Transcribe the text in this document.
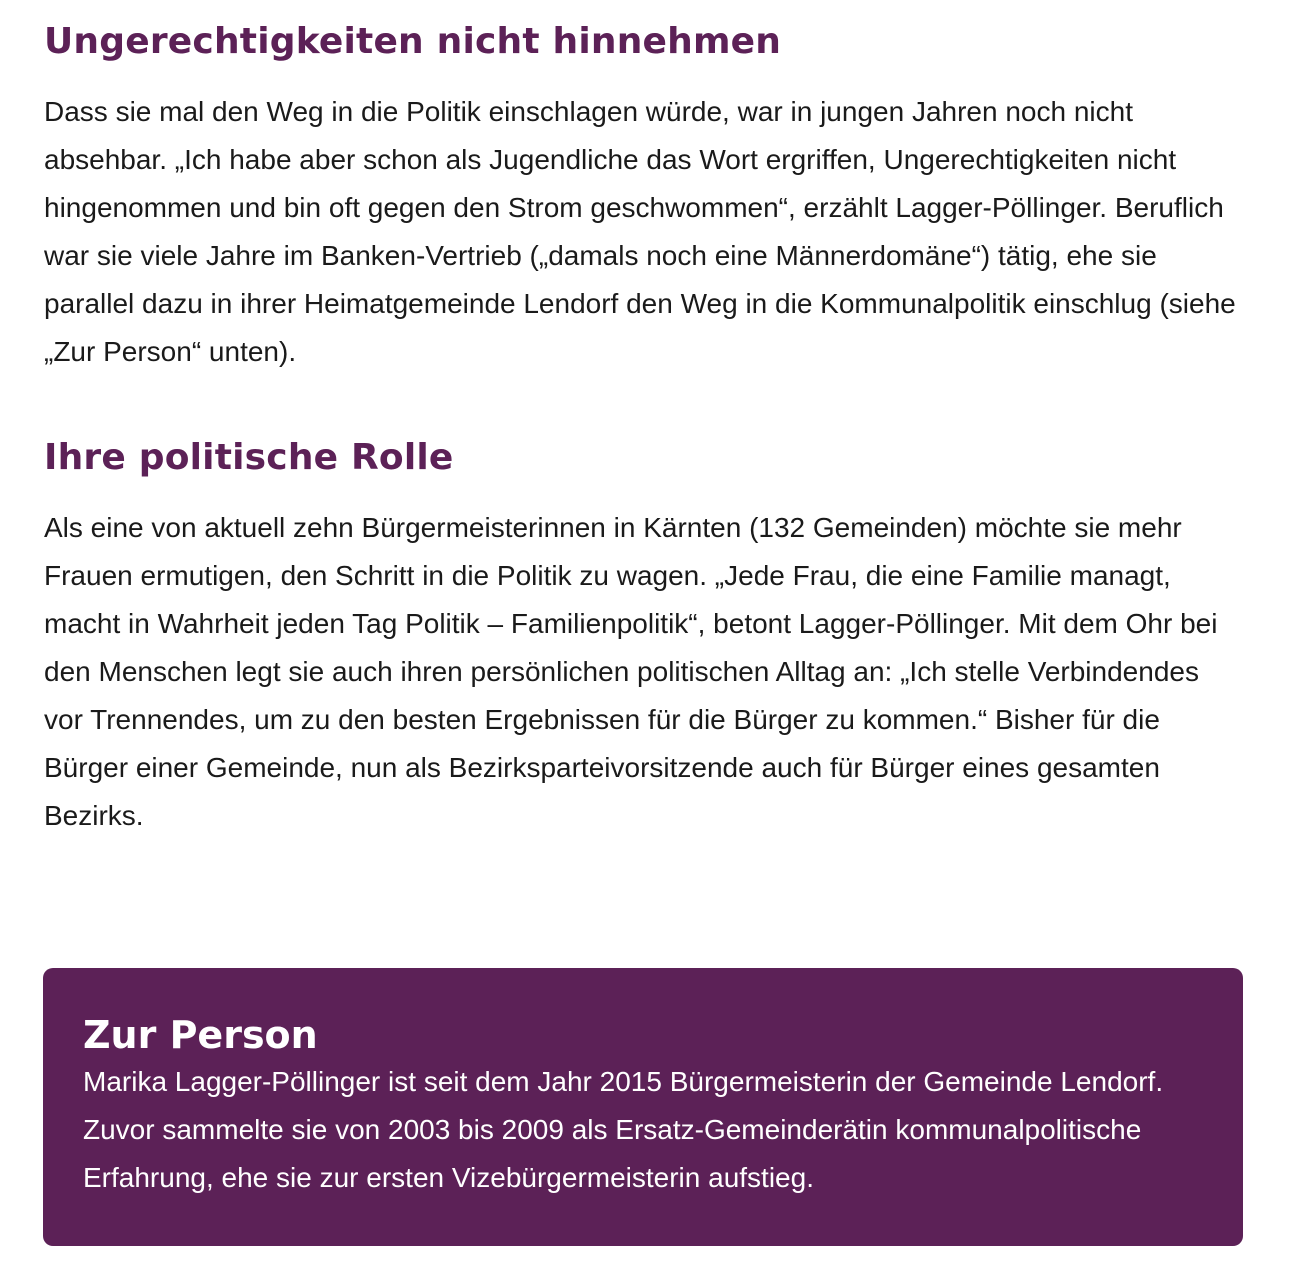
Ungerechtigkeiten nicht hinnehmen

Dass sie mal den Weg in die Politik einschlagen würde, war in jungen Jahren noch nicht absehbar. „Ich habe aber schon als Jugendliche das Wort ergriffen, Ungerechtigkeiten nicht hingenommen und bin oft gegen den Strom geschwommen“, erzählt Lagger-Pöllinger. Beruflich war sie viele Jahre im Banken-Vertrieb („damals noch eine Männerdomäne“) tätig, ehe sie parallel dazu in ihrer Heimatgemeinde Lendorf den Weg in die Kommunalpolitik einschlug (siehe „Zur Person“ unten).

Ihre politische Rolle

Als eine von aktuell zehn Bürgermeisterinnen in Kärnten (132 Gemeinden) möchte sie mehr Frauen ermutigen, den Schritt in die Politik zu wagen. „Jede Frau, die eine Familie managt, macht in Wahrheit jeden Tag Politik – Familienpolitik“, betont Lagger-Pöllinger. Mit dem Ohr bei den Menschen legt sie auch ihren persönlichen politischen Alltag an: „Ich stelle Verbindendes vor Trennendes, um zu den besten Ergebnissen für die Bürger zu kommen.“ Bisher für die Bürger einer Gemeinde, nun als Bezirksparteivorsitzende auch für Bürger eines gesamten Bezirks.

Zur Person

Marika Lagger-Pöllinger ist seit dem Jahr 2015 Bürgermeisterin der Gemeinde Lendorf. Zuvor sammelte sie von 2003 bis 2009 als Ersatz-Gemeinderätin kommunalpolitische Erfahrung, ehe sie zur ersten Vizebürgermeisterin aufstieg.
